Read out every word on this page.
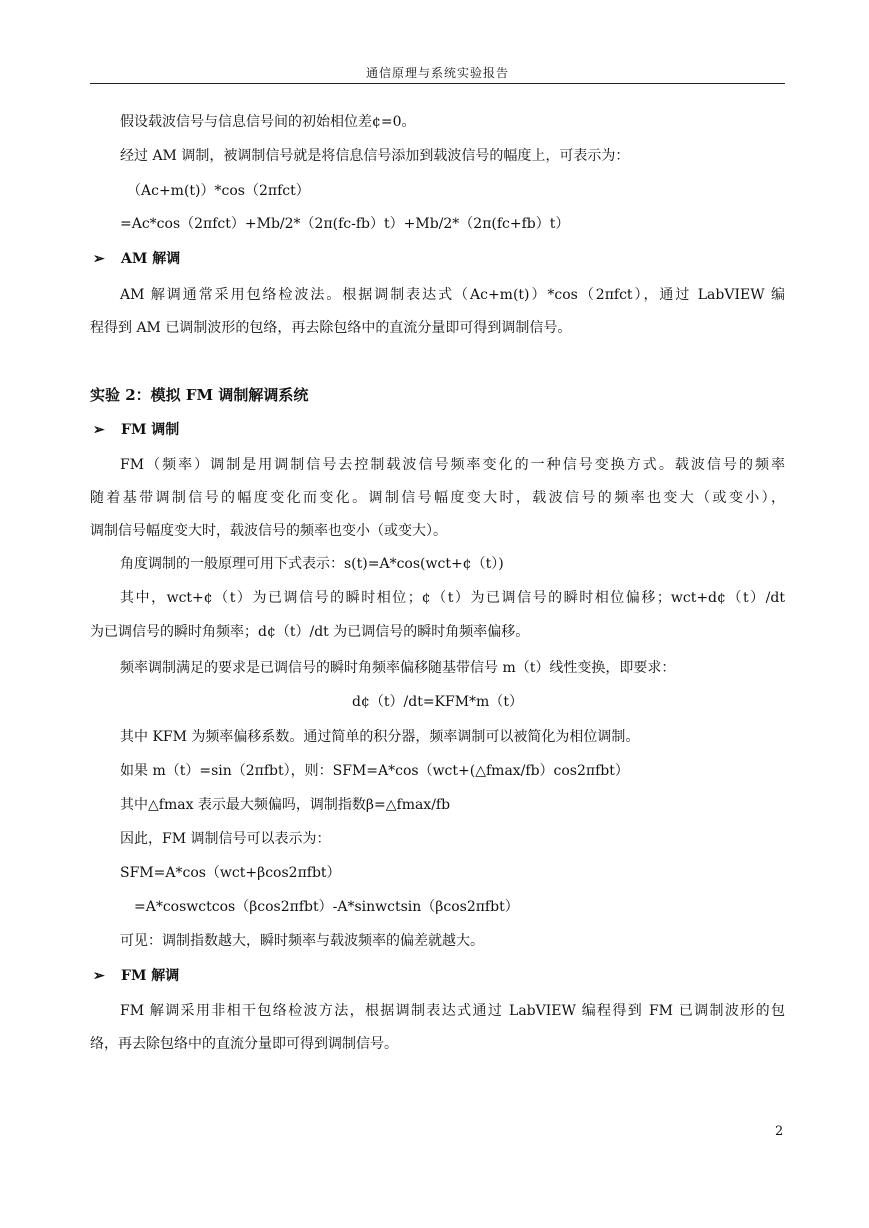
通信原理与系统实验报告
假设载波信号与信息信号间的初始相位差¢=0。
经过 AM 调制，被调制信号就是将信息信号添加到载波信号的幅度上，可表示为：
（Ac+m(t)）*cos（2πfct）
=Ac*cos（2πfct）+Mb/2*（2π(fc-fb）t）+Mb/2*（2π(fc+fb）t）
➢ AM 解调
AM 解调通常采用包络检波法。根据调制表达式（Ac+m(t)）*cos（2πfct），通过 LabVIEW 编
程得到 AM 已调制波形的包络，再去除包络中的直流分量即可得到调制信号。
实验 2：模拟 FM 调制解调系统
➢ FM 调制
FM（频率）调制是用调制信号去控制载波信号频率变化的一种信号变换方式。载波信号的频率
随着基带调制信号的幅度变化而变化。调制信号幅度变大时，载波信号的频率也变大（或变小），
调制信号幅度变大时，载波信号的频率也变小（或变大）。
角度调制的一般原理可用下式表示：s(t)=A*cos(wct+¢（t）)
其中，wct+¢（t）为已调信号的瞬时相位；¢（t）为已调信号的瞬时相位偏移；wct+d¢（t）/dt
为已调信号的瞬时角频率；d¢（t）/dt 为已调信号的瞬时角频率偏移。
频率调制满足的要求是已调信号的瞬时角频率偏移随基带信号 m（t）线性变换，即要求：
d¢（t）/dt=KFM*m（t）
其中 KFM 为频率偏移系数。通过简单的积分器，频率调制可以被简化为相位调制。
如果 m（t）=sin（2πfbt），则：SFM=A*cos（wct+(△fmax/fb）cos2πfbt）
其中△fmax 表示最大频偏吗，调制指数β=△fmax/fb
因此，FM 调制信号可以表示为：
SFM=A*cos（wct+βcos2πfbt）
=A*coswctcos（βcos2πfbt）-A*sinwctsin（βcos2πfbt）
可见：调制指数越大，瞬时频率与载波频率的偏差就越大。
➢ FM 解调
FM 解调采用非相干包络检波方法，根据调制表达式通过 LabVIEW 编程得到 FM 已调制波形的包
络，再去除包络中的直流分量即可得到调制信号。
2
